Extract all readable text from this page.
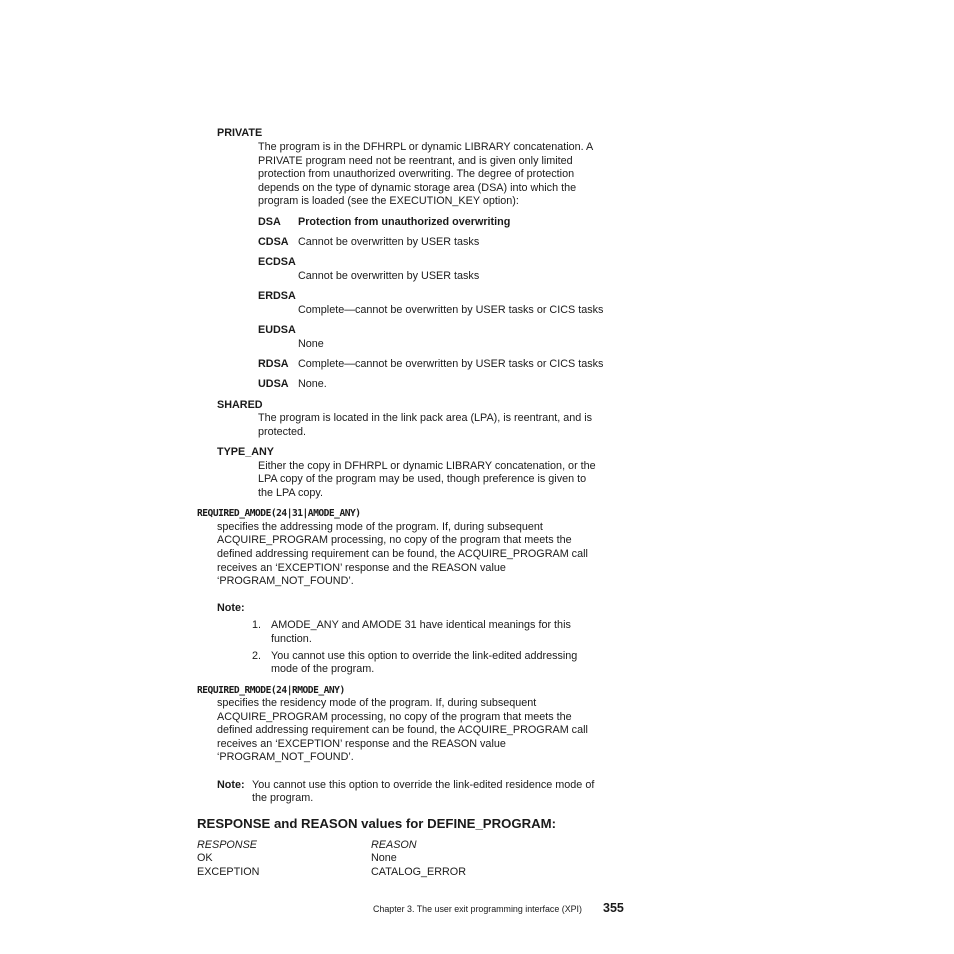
PRIVATE
The program is in the DFHRPL or dynamic LIBRARY concatenation. A
PRIVATE program need not be reentrant, and is given only limited
protection from unauthorized overwriting. The degree of protection
depends on the type of dynamic storage area (DSA) into which the
program is loaded (see the EXECUTION_KEY option):
DSA Protection from unauthorized overwriting
CDSA Cannot be overwritten by USER tasks
ECDSA
Cannot be overwritten by USER tasks
ERDSA
Complete—cannot be overwritten by USER tasks or CICS tasks
EUDSA
None
RDSA Complete—cannot be overwritten by USER tasks or CICS tasks
UDSA None.
SHARED
The program is located in the link pack area (LPA), is reentrant, and is
protected.
TYPE_ANY
Either the copy in DFHRPL or dynamic LIBRARY concatenation, or the
LPA copy of the program may be used, though preference is given to
the LPA copy.
REQUIRED_AMODE(24|31|AMODE_ANY)
specifies the addressing mode of the program. If, during subsequent
ACQUIRE_PROGRAM processing, no copy of the program that meets the
defined addressing requirement can be found, the ACQUIRE_PROGRAM call
receives an ‘EXCEPTION’ response and the REASON value
‘PROGRAM_NOT_FOUND’.
Note:
1. AMODE_ANY and AMODE 31 have identical meanings for this
function.
2. You cannot use this option to override the link-edited addressing
mode of the program.
REQUIRED_RMODE(24|RMODE_ANY)
specifies the residency mode of the program. If, during subsequent
ACQUIRE_PROGRAM processing, no copy of the program that meets the
defined addressing requirement can be found, the ACQUIRE_PROGRAM call
receives an ‘EXCEPTION’ response and the REASON value
‘PROGRAM_NOT_FOUND’.
Note: You cannot use this option to override the link-edited residence mode of
the program.
RESPONSE and REASON values for DEFINE_PROGRAM:
RESPONSE	REASON
OK	None
EXCEPTION	CATALOG_ERROR
Chapter 3. The user exit programming interface (XPI) 355
